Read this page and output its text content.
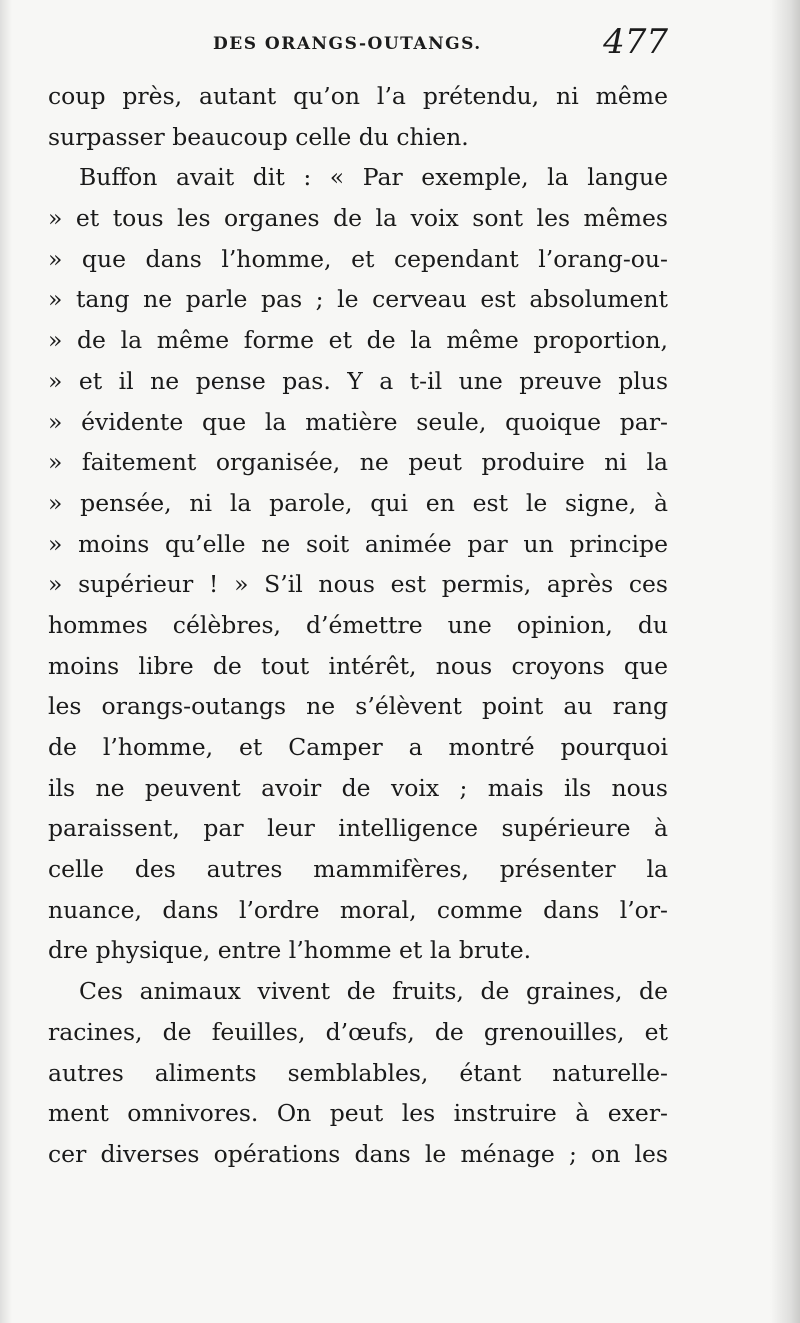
DES ORANGS-OUTANGS.	477
coup près, autant qu’on l’a prétendu, ni même
surpasser beaucoup celle du chien.
Buffon avait dit : « Par exemple, la langue
» et tous les organes de la voix sont les mêmes
» que dans l’homme, et cependant l’orang-ou-
» tang ne parle pas ; le cerveau est absolument
» de la même forme et de la même proportion,
» et il ne pense pas. Y a t-il une preuve plus
» évidente que la matière seule, quoique par-
» faitement organisée, ne peut produire ni la
» pensée, ni la parole, qui en est le signe, à
» moins qu’elle ne soit animée par un principe
» supérieur ! » S’il nous est permis, après ces
hommes célèbres, d’émettre une opinion, du
moins libre de tout intérêt, nous croyons que
les orangs-outangs ne s’élèvent point au rang
de l’homme, et Camper a montré pourquoi
ils ne peuvent avoir de voix ; mais ils nous
paraissent, par leur intelligence supérieure à
celle des autres mammifères, présenter la
nuance, dans l’ordre moral, comme dans l’or-
dre physique, entre l’homme et la brute.
Ces animaux vivent de fruits, de graines, de
racines, de feuilles, d’œufs, de grenouilles, et
autres aliments semblables, étant naturelle-
ment omnivores. On peut les instruire à exer-
cer diverses opérations dans le ménage ; on les
